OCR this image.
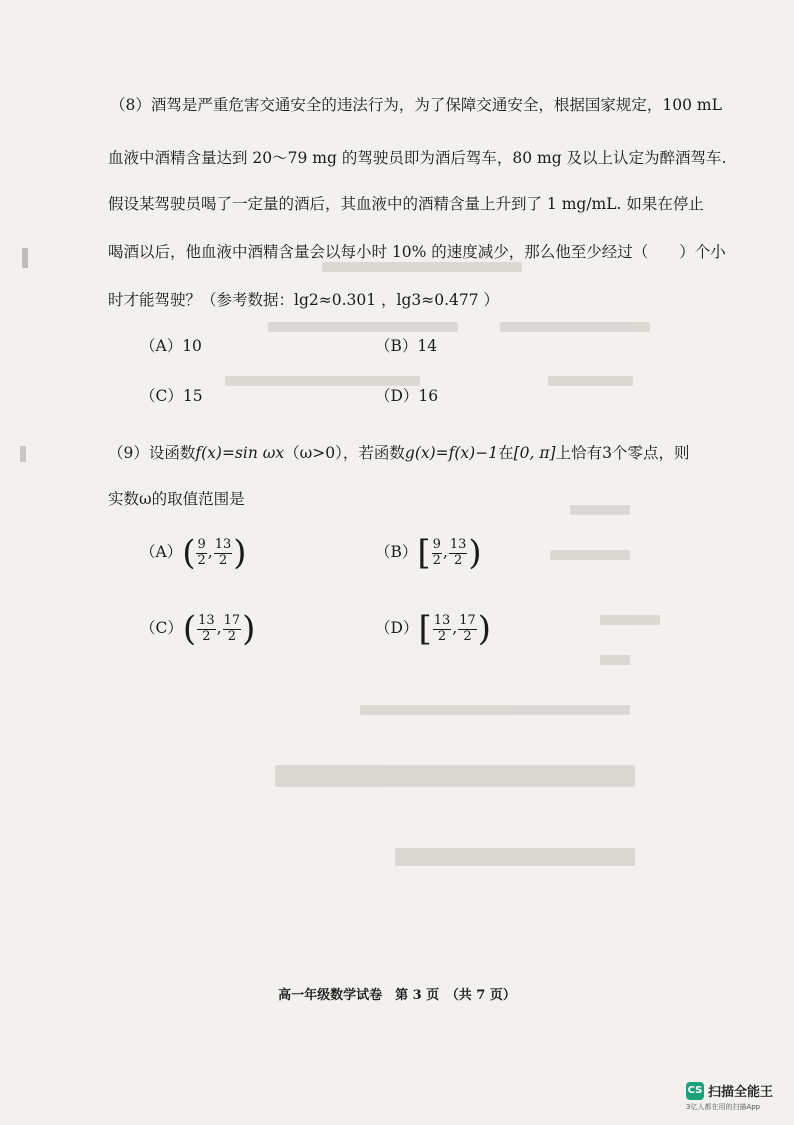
（8）酒驾是严重危害交通安全的违法行为，为了保障交通安全，根据国家规定，100 mL
血液中酒精含量达到 20～79 mg 的驾驶员即为酒后驾车，80 mg 及以上认定为醉酒驾车.
假设某驾驶员喝了一定量的酒后，其血液中的酒精含量上升到了 1 mg/mL. 如果在停止
喝酒以后，他血液中酒精含量会以每小时 10% 的速度减少，那么他至少经过（　　）个小
时才能驾驶？（参考数据：lg2≈0.301 ，lg3≈0.477 ）
（A）10	（B）14
（C）15	（D）16
（9）设函数f(x)=sin ωx（ω>0），若函数g(x)=f(x)−1在[0, π]上恰有3个零点，则
实数ω的取值范围是
$(A)( \frac{9}{2}$ , $\frac{13}{2}$ )	$(B)[ \frac{9}{2}$ , $\frac{13}{2}$ )
$(C)( \frac{13}{2}$ , $\frac{17}{2}$ )	$(D)[ \frac{13}{2}$ , $\frac{17}{2}$ )
高一年级数学试卷　第 3 页　（共 7 页）
CS 扫描全能王
3亿人都在用的扫描App
